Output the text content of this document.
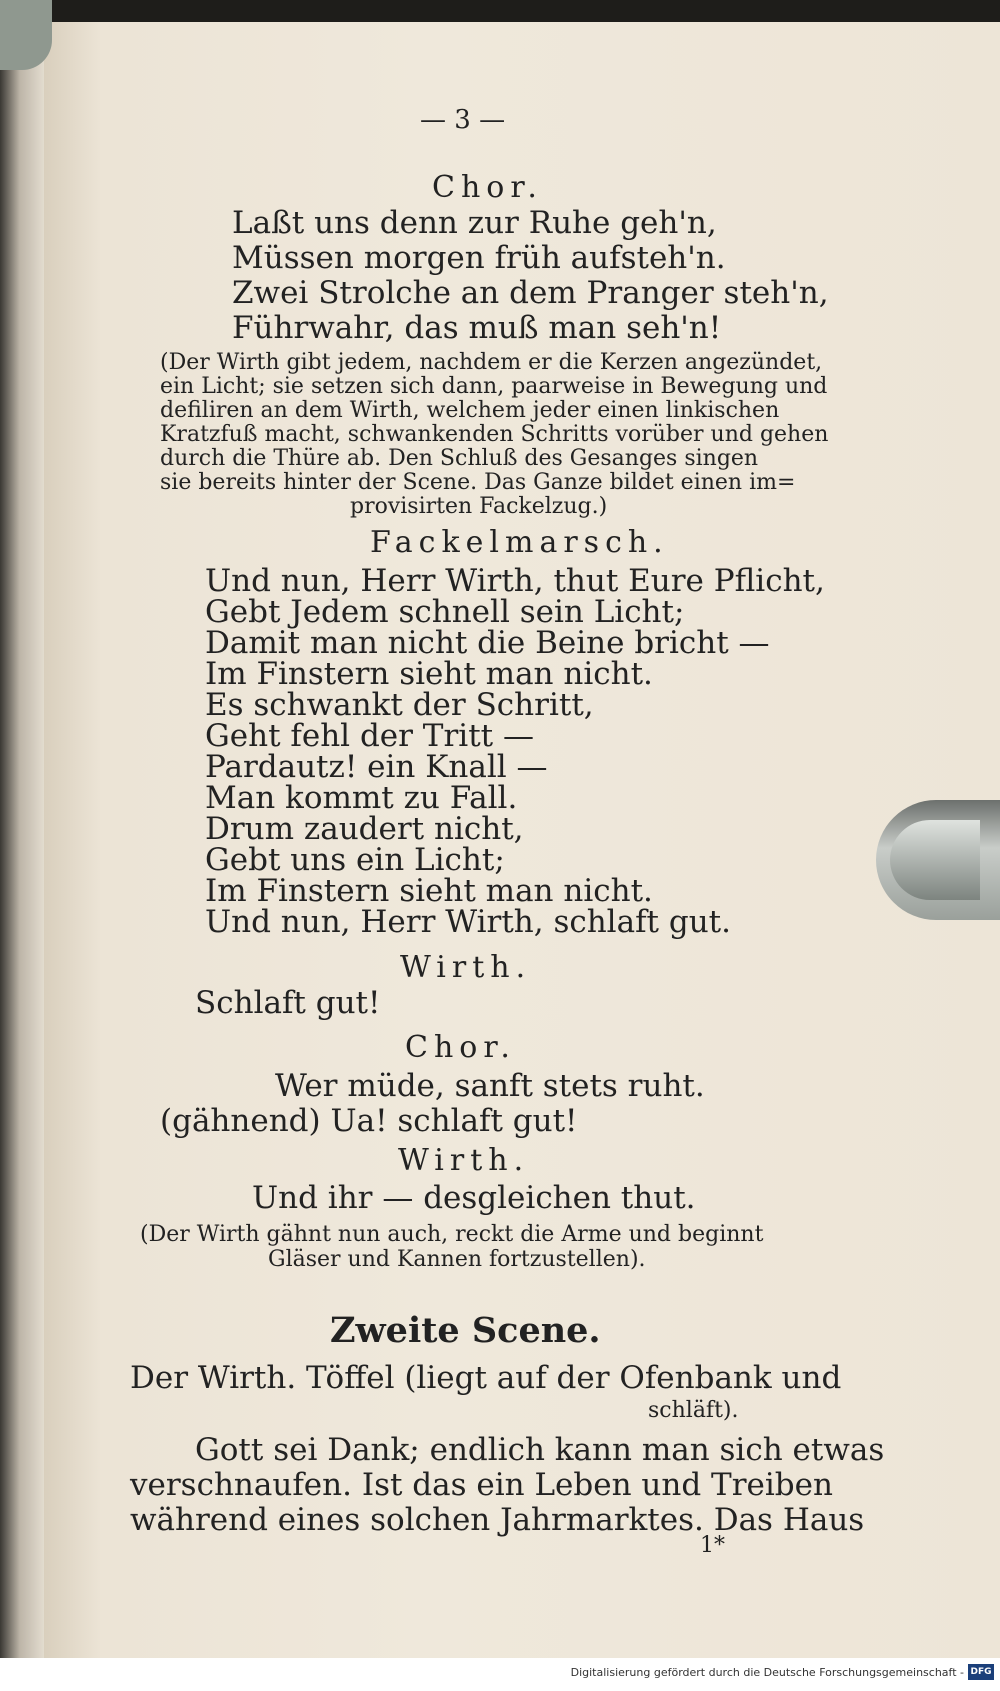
— 3 —
Chor.
Laßt uns denn zur Ruhe geh'n,
Müssen morgen früh aufsteh'n.
Zwei Strolche an dem Pranger steh'n,
Führwahr, das muß man seh'n!
(Der Wirth gibt jedem, nachdem er die Kerzen angezündet,
ein Licht; sie setzen sich dann, paarweise in Bewegung und
defiliren an dem Wirth, welchem jeder einen linkischen
Kratzfuß macht, schwankenden Schritts vorüber und gehen
durch die Thüre ab. Den Schluß des Gesanges singen
sie bereits hinter der Scene. Das Ganze bildet einen im=
provisirten Fackelzug.)
Fackelmarsch.
Und nun, Herr Wirth, thut Eure Pflicht,
Gebt Jedem schnell sein Licht;
Damit man nicht die Beine bricht —
Im Finstern sieht man nicht.
Es schwankt der Schritt,
Geht fehl der Tritt —
Pardautz! ein Knall —
Man kommt zu Fall.
Drum zaudert nicht,
Gebt uns ein Licht;
Im Finstern sieht man nicht.
Und nun, Herr Wirth, schlaft gut.
Wirth.
Schlaft gut!
Chor.
Wer müde, sanft stets ruht.
(gähnend) Ua! schlaft gut!
Wirth.
Und ihr — desgleichen thut.
(Der Wirth gähnt nun auch, reckt die Arme und beginnt
Gläser und Kannen fortzustellen).
Zweite Scene.
Der Wirth. Töffel (liegt auf der Ofenbank und
schläft).
Gott sei Dank; endlich kann man sich etwas
verschnaufen. Ist das ein Leben und Treiben
während eines solchen Jahrmarktes. Das Haus
1*
Digitalisierung gefördert durch die Deutsche Forschungsgemeinschaft - DFG
